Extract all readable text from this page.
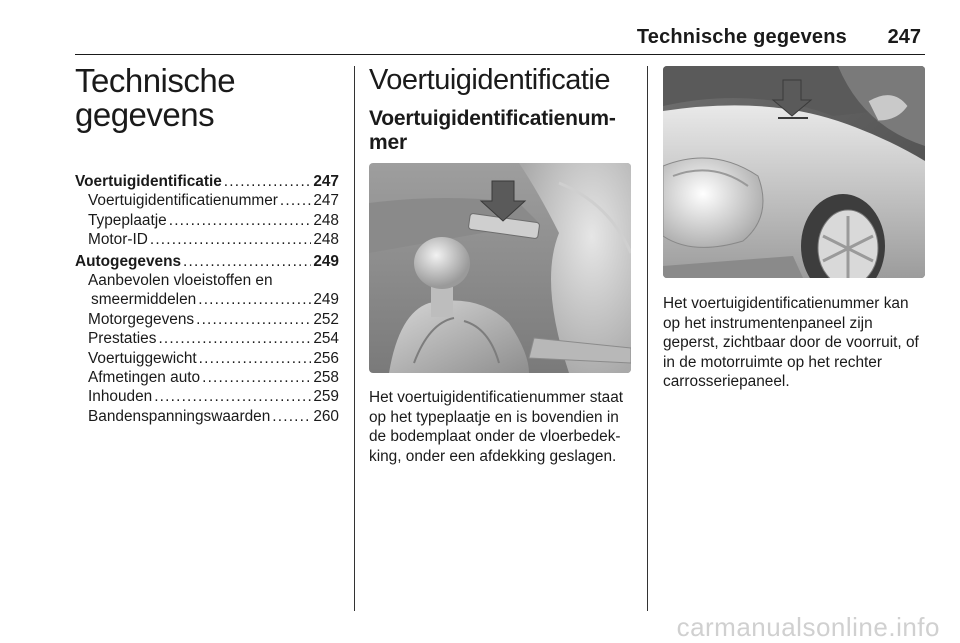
Technische gegevens 247
Technische
gegevens
Voertuigidentificatie .....	247
Voertuigidentificatienummer ..... 247
Typeplaatje .....	248
Motor-ID .....	248
Autogegevens .....	249
Aanbevolen vloeistoffen en
smeermiddelen .....	249
Motorgegevens .....	252
Prestaties .....	254
Voertuiggewicht .....	256
Afmetingen auto .....	258
Inhouden .....	259
Bandenspanningswaarden .....	260
Voertuigidentificatie
Voertuigidentificatienum-
mer
Het voertuigidentificatienummer staat
op het typeplaatje en is bovendien in
de bodemplaat onder de vloerbedek-
king, onder een afdekking geslagen.
Het voertuigidentificatienummer kan
op het instrumentenpaneel zijn
geperst, zichtbaar door de voorruit, of
in de motorruimte op het rechter
carrosseriepaneel.
carmanualsonline.info
